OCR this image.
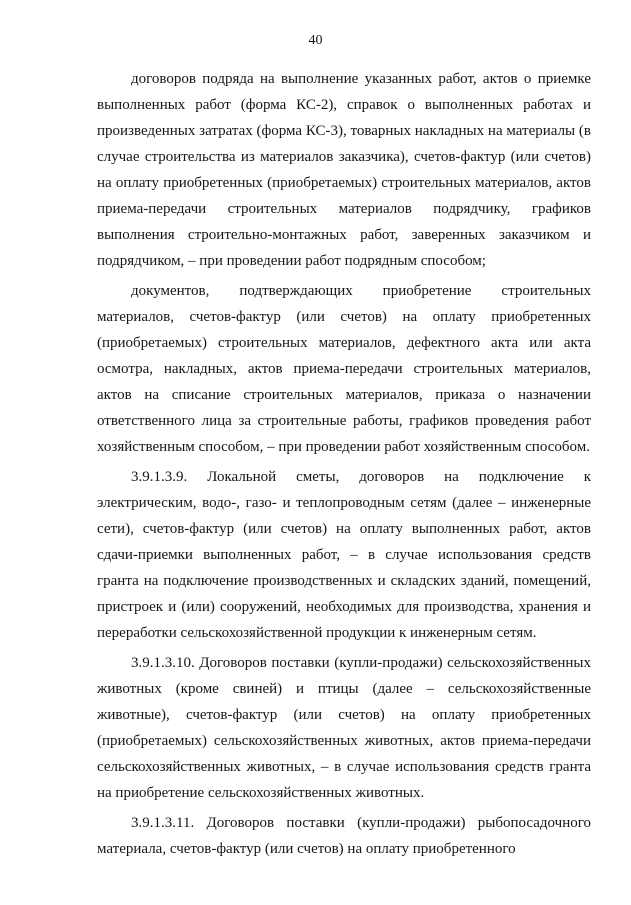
40

договоров подряда на выполнение указанных работ, актов о приемке выполненных работ (форма КС-2), справок о выполненных работах и произведенных затратах (форма КС-3), товарных накладных на материалы (в случае строительства из материалов заказчика), счетов-фактур (или счетов) на оплату приобретенных (приобретаемых) строительных материалов, актов приема-передачи строительных материалов подрядчику, графиков выполнения строительно-монтажных работ, заверенных заказчиком и подрядчиком, – при проведении работ подрядным способом;

документов, подтверждающих приобретение строительных материалов, счетов-фактур (или счетов) на оплату приобретенных (приобретаемых) строительных материалов, дефектного акта или акта осмотра, накладных, актов приема-передачи строительных материалов, актов на списание строительных материалов, приказа о назначении ответственного лица за строительные работы, графиков проведения работ хозяйственным способом, – при проведении работ хозяйственным способом.

3.9.1.3.9. Локальной сметы, договоров на подключение к электрическим, водо-, газо- и теплопроводным сетям (далее – инженерные сети), счетов-фактур (или счетов) на оплату выполненных работ, актов сдачи-приемки выполненных работ, – в случае использования средств гранта на подключение производственных и складских зданий, помещений, пристроек и (или) сооружений, необходимых для производства, хранения и переработки сельскохозяйственной продукции к инженерным сетям.

3.9.1.3.10. Договоров поставки (купли-продажи) сельскохозяйственных животных (кроме свиней) и птицы (далее – сельскохозяйственные животные), счетов-фактур (или счетов) на оплату приобретенных (приобретаемых) сельскохозяйственных животных, актов приема-передачи сельскохозяйственных животных, – в случае использования средств гранта на приобретение сельскохозяйственных животных.

3.9.1.3.11. Договоров поставки (купли-продажи) рыбопосадочного материала, счетов-фактур (или счетов) на оплату приобретенного
